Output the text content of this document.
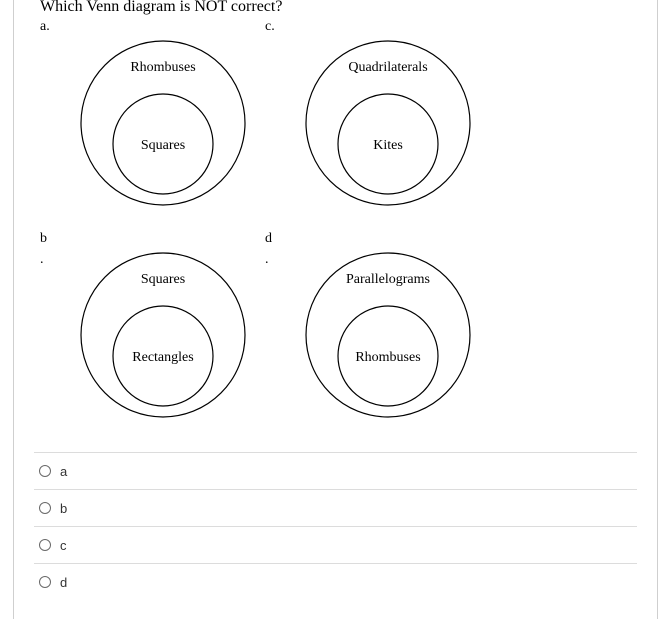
Which Venn diagram is NOT correct?
a.
Rhombuses
Squares
c.
Quadrilaterals
Kites
b
.
Squares
Rectangles
d
.
Parallelograms
Rhombuses
a
b
c
d
